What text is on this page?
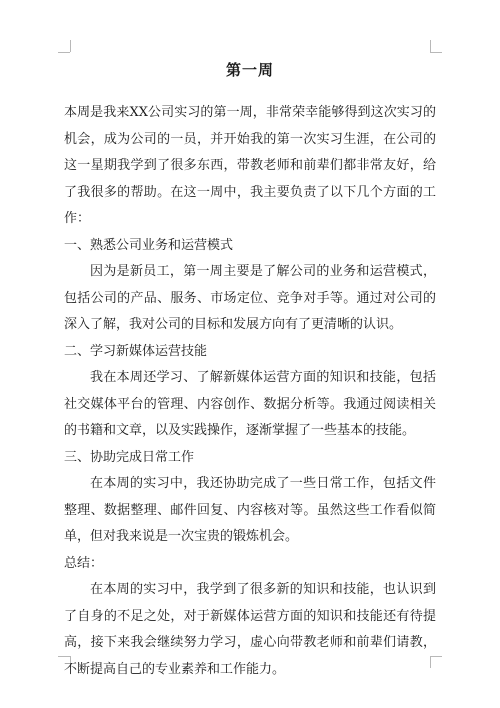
第一周

本周是我来XX公司实习的第一周，非常荣幸能够得到这次实习的机会，成为公司的一员，并开始我的第一次实习生涯，在公司的这一星期我学到了很多东西，带教老师和前辈们都非常友好，给了我很多的帮助。在这一周中，我主要负责了以下几个方面的工作：

一、熟悉公司业务和运营模式

因为是新员工，第一周主要是了解公司的业务和运营模式，包括公司的产品、服务、市场定位、竞争对手等。通过对公司的深入了解，我对公司的目标和发展方向有了更清晰的认识。

二、学习新媒体运营技能

我在本周还学习、了解新媒体运营方面的知识和技能，包括社交媒体平台的管理、内容创作、数据分析等。我通过阅读相关的书籍和文章，以及实践操作，逐渐掌握了一些基本的技能。

三、协助完成日常工作

在本周的实习中，我还协助完成了一些日常工作，包括文件整理、数据整理、邮件回复、内容核对等。虽然这些工作看似简单，但对我来说是一次宝贵的锻炼机会。

总结：

在本周的实习中，我学到了很多新的知识和技能，也认识到了自身的不足之处，对于新媒体运营方面的知识和技能还有待提高，接下来我会继续努力学习，虚心向带教老师和前辈们请教，不断提高自己的专业素养和工作能力。
